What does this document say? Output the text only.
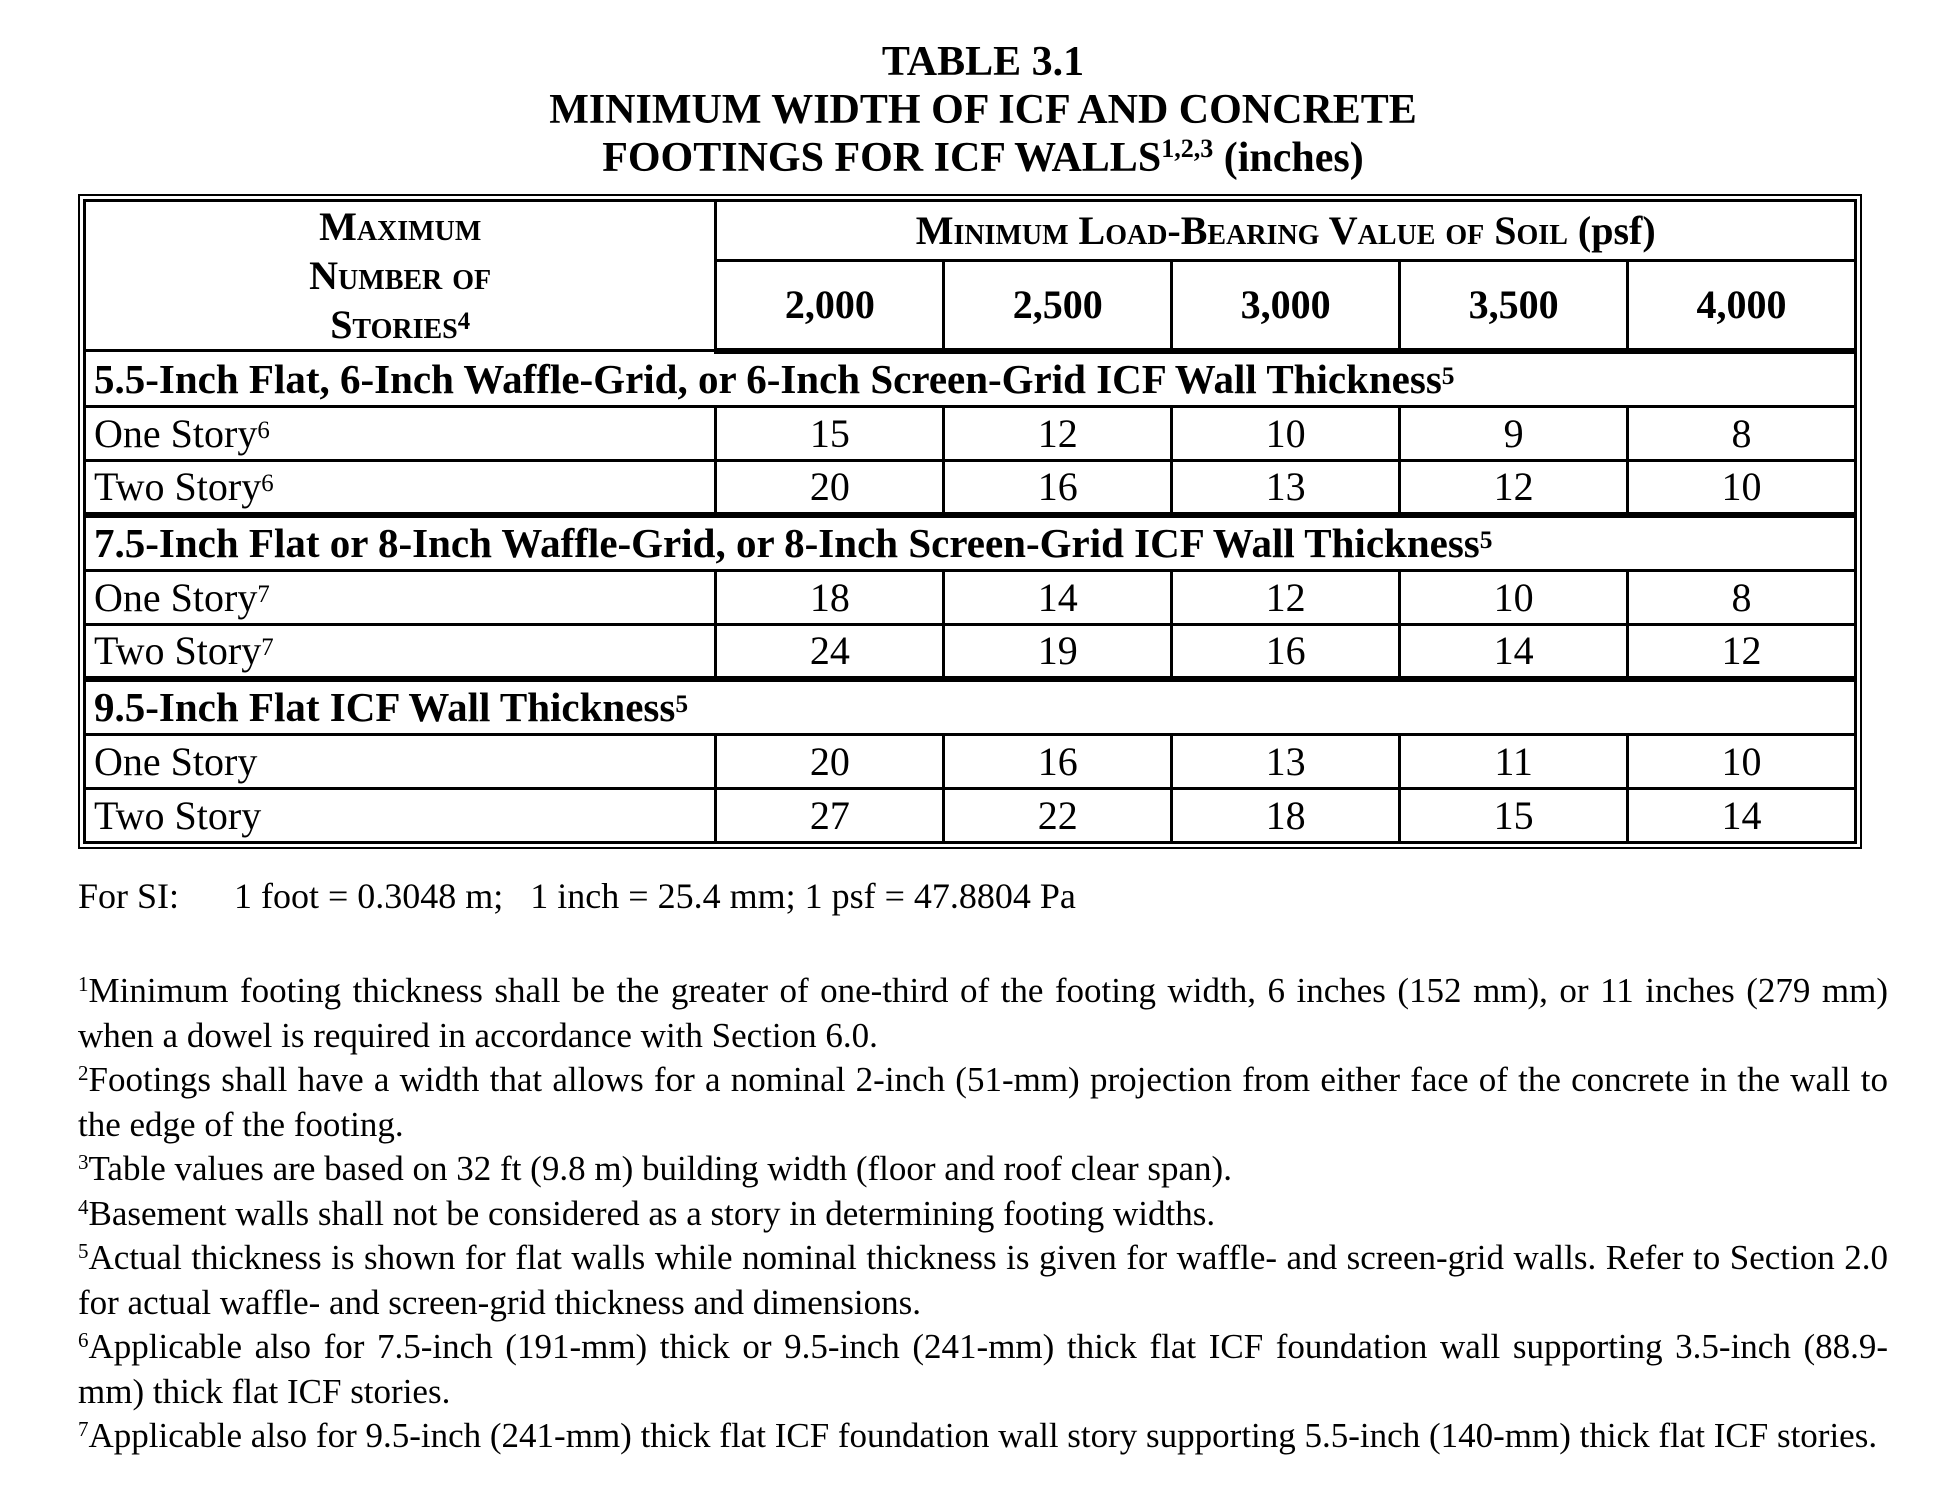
TABLE 3.1
MINIMUM WIDTH OF ICF AND CONCRETE
FOOTINGS FOR ICF WALLS$^{1,2,3}$ (inches)
Maximum Number of Stories$^4$	Minimum Load-Bearing Value of Soil (psf)				
	2,000	2,500	3,000	3,500	4,000
5.5-Inch Flat, 6-Inch Waffle-Grid, or 6-Inch Screen-Grid ICF Wall Thickness$^5$
One Story$^6$	15	12	10	9	8
Two Story$^6$	20	16	13	12	10
7.5-Inch Flat or 8-Inch Waffle-Grid, or 8-Inch Screen-Grid ICF Wall Thickness$^5$
One Story$^7$	18	14	12	10	8
Two Story$^7$	24	19	16	14	12
9.5-Inch Flat ICF Wall Thickness$^5$
One Story	20	16	13	11	10
Two Story	27	22	18	15	14
For SI: 1 foot = 0.3048 m;   1 inch = 25.4 mm; 1 psf = 47.8804 Pa
$^1$Minimum footing thickness shall be the greater of one-third of the footing width, 6 inches (152 mm), or 11 inches (279 mm) when a dowel is required in accordance with Section 6.0.
$^2$Footings shall have a width that allows for a nominal 2-inch (51-mm) projection from either face of the concrete in the wall to the edge of the footing.
$^3$Table values are based on 32 ft (9.8 m) building width (floor and roof clear span).
$^4$Basement walls shall not be considered as a story in determining footing widths.
$^5$Actual thickness is shown for flat walls while nominal thickness is given for waffle- and screen-grid walls. Refer to Section 2.0 for actual waffle- and screen-grid thickness and dimensions.
$^6$Applicable also for 7.5-inch (191-mm) thick or 9.5-inch (241-mm) thick flat ICF foundation wall supporting 3.5-inch (88.9-mm) thick flat ICF stories.
$^7$Applicable also for 9.5-inch (241-mm) thick flat ICF foundation wall story supporting 5.5-inch (140-mm) thick flat ICF stories.
